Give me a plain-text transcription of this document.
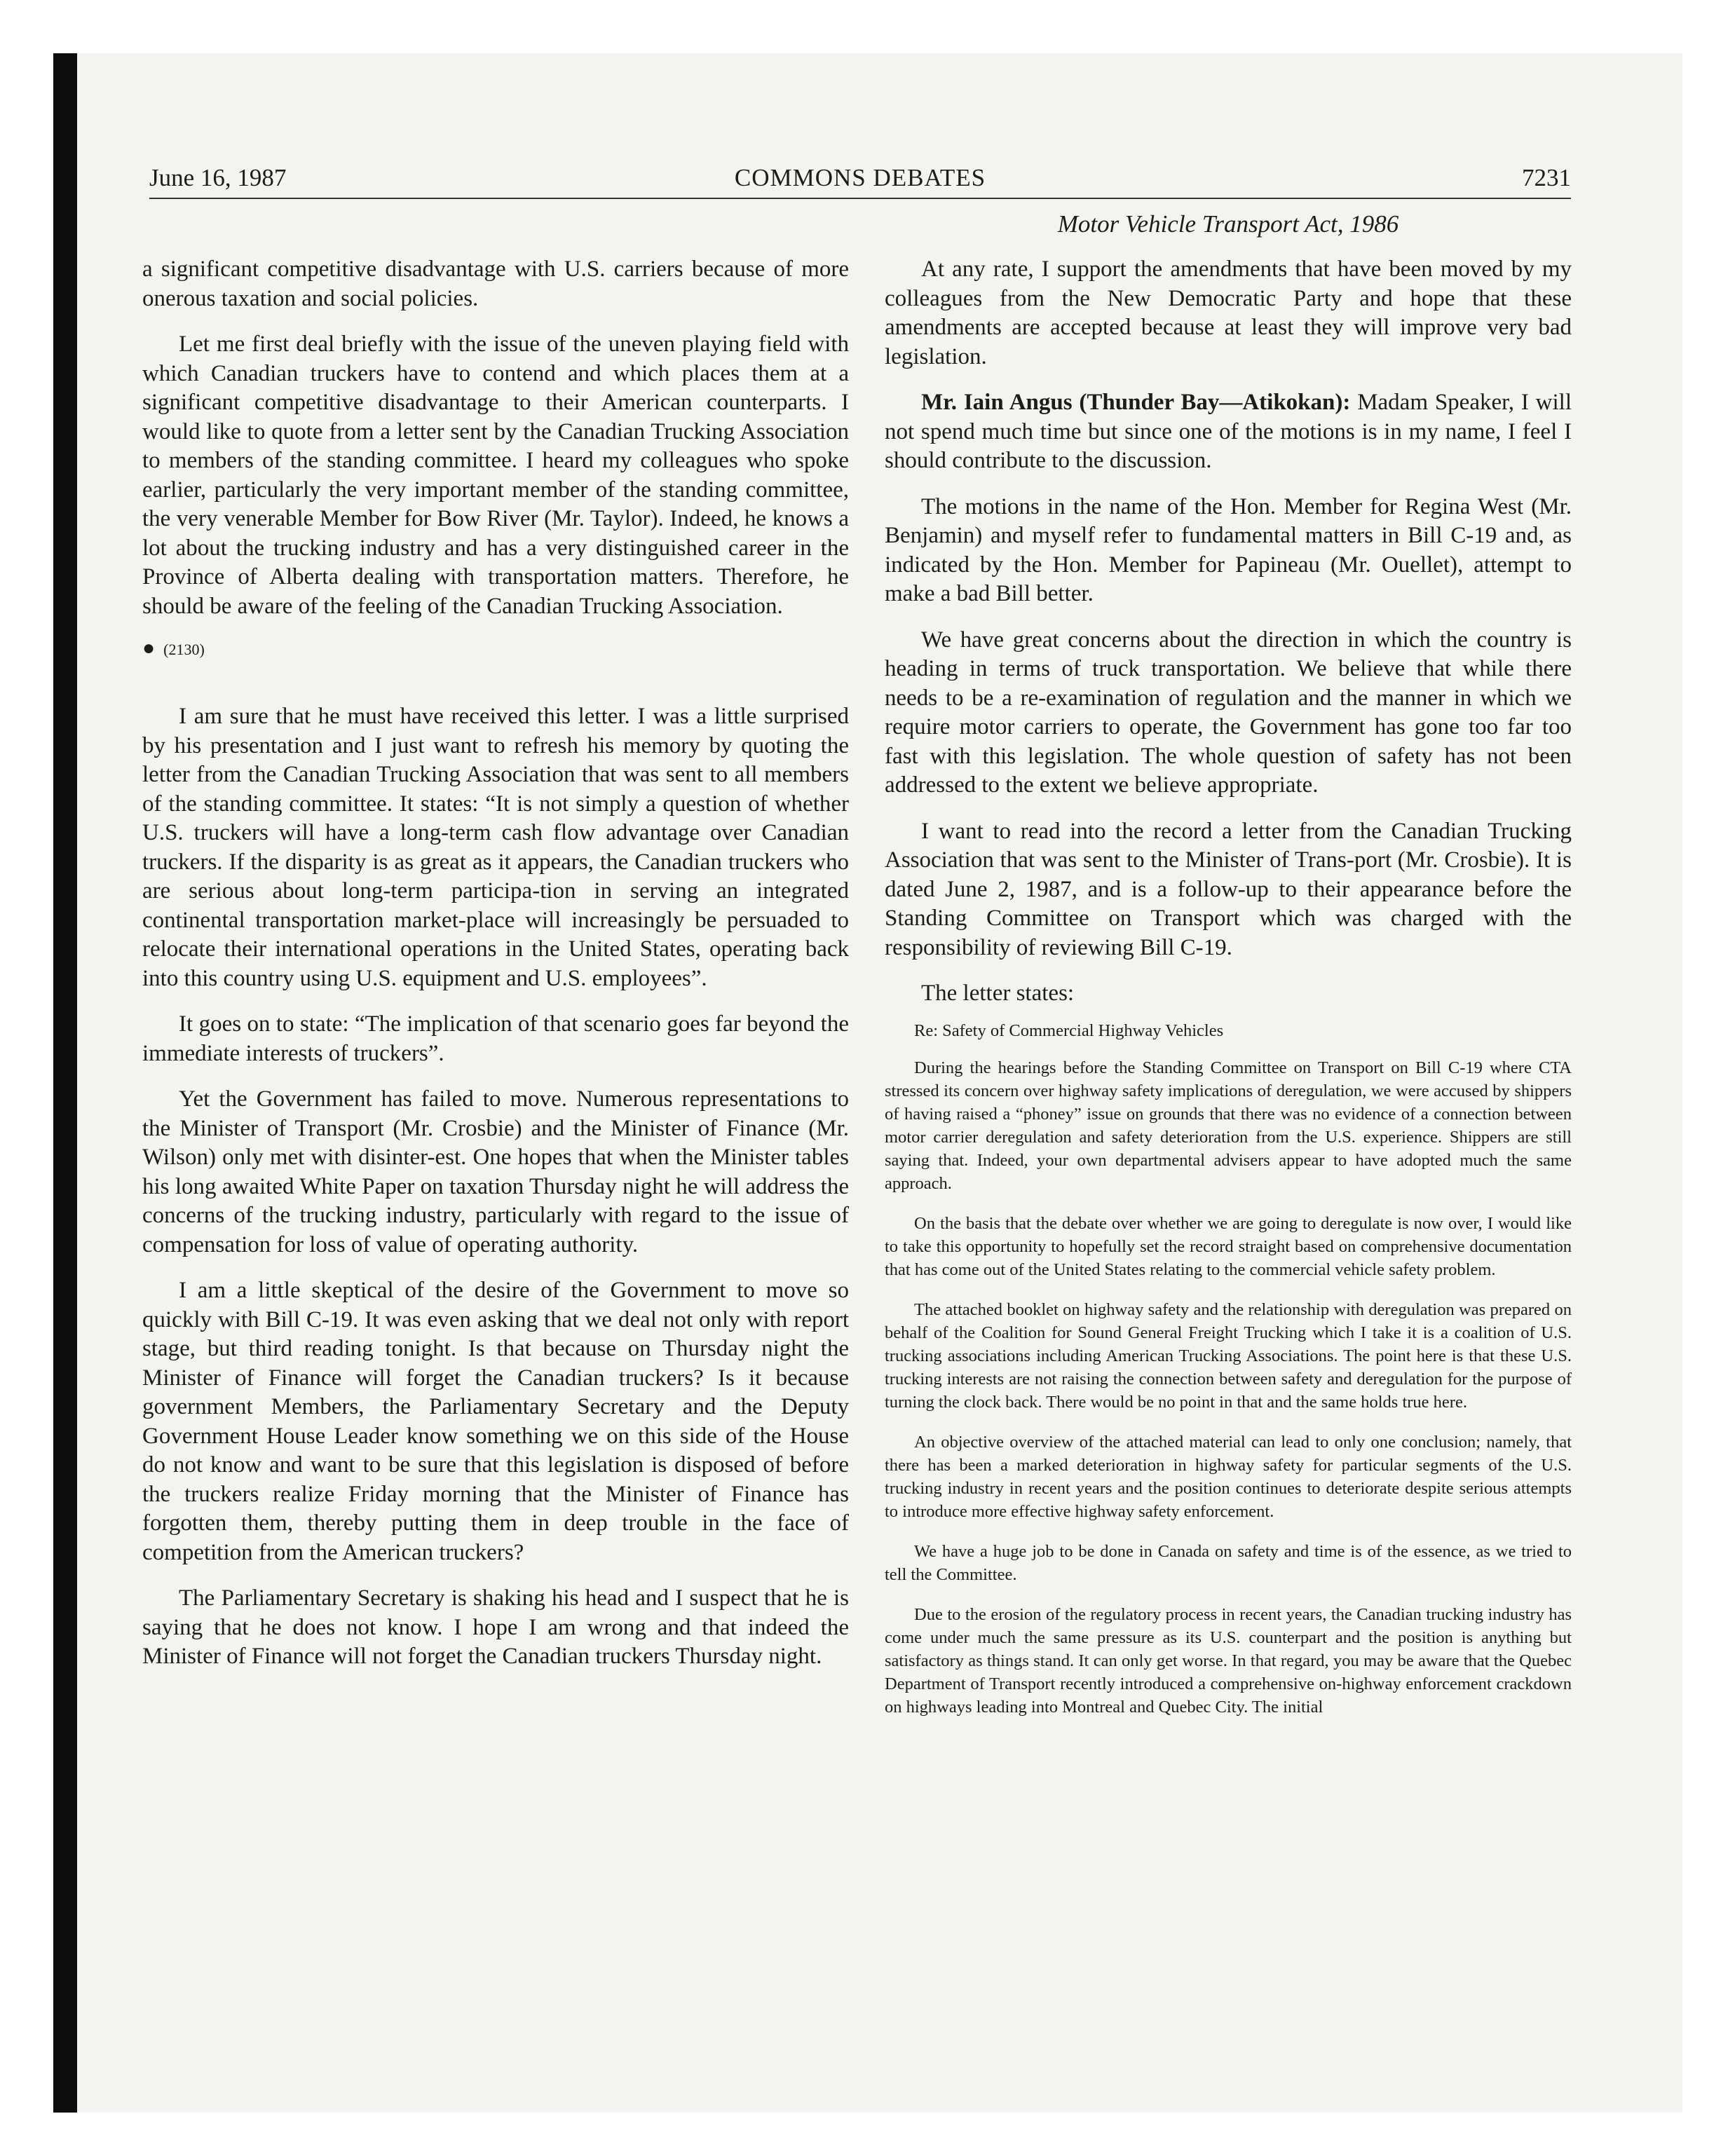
June 16, 1987	COMMONS DEBATES	7231
Motor Vehicle Transport Act, 1986

a significant competitive disadvantage with U.S. carriers because of more onerous taxation and social policies.

Let me first deal briefly with the issue of the uneven playing field with which Canadian truckers have to contend and which places them at a significant competitive disadvantage to their American counterparts. I would like to quote from a letter sent by the Canadian Trucking Association to members of the standing committee. I heard my colleagues who spoke earlier, particularly the very important member of the standing committee, the very venerable Member for Bow River (Mr. Taylor). Indeed, he knows a lot about the trucking industry and has a very distinguished career in the Province of Alberta dealing with transportation matters. Therefore, he should be aware of the feeling of the Canadian Trucking Association.

● (2130)

I am sure that he must have received this letter. I was a little surprised by his presentation and I just want to refresh his memory by quoting the letter from the Canadian Trucking Association that was sent to all members of the standing committee. It states: “It is not simply a question of whether U.S. truckers will have a long-term cash flow advantage over Canadian truckers. If the disparity is as great as it appears, the Canadian truckers who are serious about long-term participa-tion in serving an integrated continental transportation market-place will increasingly be persuaded to relocate their international operations in the United States, operating back into this country using U.S. equipment and U.S. employees”.

It goes on to state: “The implication of that scenario goes far beyond the immediate interests of truckers”.

Yet the Government has failed to move. Numerous representations to the Minister of Transport (Mr. Crosbie) and the Minister of Finance (Mr. Wilson) only met with disinter-est. One hopes that when the Minister tables his long awaited White Paper on taxation Thursday night he will address the concerns of the trucking industry, particularly with regard to the issue of compensation for loss of value of operating authority.

I am a little skeptical of the desire of the Government to move so quickly with Bill C-19. It was even asking that we deal not only with report stage, but third reading tonight. Is that because on Thursday night the Minister of Finance will forget the Canadian truckers? Is it because government Members, the Parliamentary Secretary and the Deputy Government House Leader know something we on this side of the House do not know and want to be sure that this legislation is disposed of before the truckers realize Friday morning that the Minister of Finance has forgotten them, thereby putting them in deep trouble in the face of competition from the American truckers?

The Parliamentary Secretary is shaking his head and I suspect that he is saying that he does not know. I hope I am wrong and that indeed the Minister of Finance will not forget the Canadian truckers Thursday night.

At any rate, I support the amendments that have been moved by my colleagues from the New Democratic Party and hope that these amendments are accepted because at least they will improve very bad legislation.

Mr. Iain Angus (Thunder Bay—Atikokan): Madam Speaker, I will not spend much time but since one of the motions is in my name, I feel I should contribute to the discussion.

The motions in the name of the Hon. Member for Regina West (Mr. Benjamin) and myself refer to fundamental matters in Bill C-19 and, as indicated by the Hon. Member for Papineau (Mr. Ouellet), attempt to make a bad Bill better.

We have great concerns about the direction in which the country is heading in terms of truck transportation. We believe that while there needs to be a re-examination of regulation and the manner in which we require motor carriers to operate, the Government has gone too far too fast with this legislation. The whole question of safety has not been addressed to the extent we believe appropriate.

I want to read into the record a letter from the Canadian Trucking Association that was sent to the Minister of Trans-port (Mr. Crosbie). It is dated June 2, 1987, and is a follow-up to their appearance before the Standing Committee on Transport which was charged with the responsibility of reviewing Bill C-19.

The letter states:

Re: Safety of Commercial Highway Vehicles

During the hearings before the Standing Committee on Transport on Bill C-19 where CTA stressed its concern over highway safety implications of deregulation, we were accused by shippers of having raised a “phoney” issue on grounds that there was no evidence of a connection between motor carrier deregulation and safety deterioration from the U.S. experience. Shippers are still saying that. Indeed, your own departmental advisers appear to have adopted much the same approach.

On the basis that the debate over whether we are going to deregulate is now over, I would like to take this opportunity to hopefully set the record straight based on comprehensive documentation that has come out of the United States relating to the commercial vehicle safety problem.

The attached booklet on highway safety and the relationship with deregulation was prepared on behalf of the Coalition for Sound General Freight Trucking which I take it is a coalition of U.S. trucking associations including American Trucking Associations. The point here is that these U.S. trucking interests are not raising the connection between safety and deregulation for the purpose of turning the clock back. There would be no point in that and the same holds true here.

An objective overview of the attached material can lead to only one conclusion; namely, that there has been a marked deterioration in highway safety for particular segments of the U.S. trucking industry in recent years and the position continues to deteriorate despite serious attempts to introduce more effective highway safety enforcement.

We have a huge job to be done in Canada on safety and time is of the essence, as we tried to tell the Committee.

Due to the erosion of the regulatory process in recent years, the Canadian trucking industry has come under much the same pressure as its U.S. counterpart and the position is anything but satisfactory as things stand. It can only get worse. In that regard, you may be aware that the Quebec Department of Transport recently introduced a comprehensive on-highway enforcement crackdown on highways leading into Montreal and Quebec City. The initial
